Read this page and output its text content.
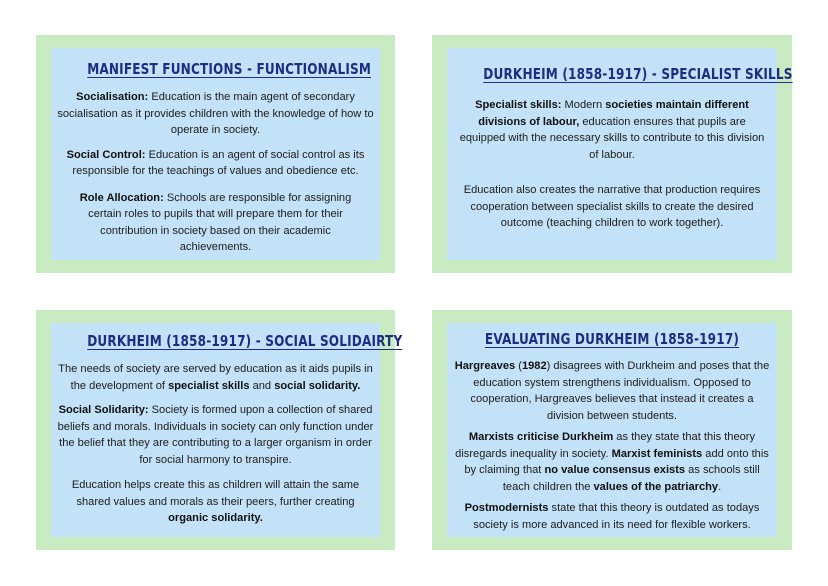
MANIFEST FUNCTIONS - FUNCTIONALISM

Socialisation: Education is the main agent of secondary socialisation as it provides children with the knowledge of how to operate in society.

Social Control: Education is an agent of social control as its responsible for the teachings of values and obedience etc.

Role Allocation: Schools are responsible for assigning certain roles to pupils that will prepare them for their contribution in society based on their academic achievements.

DURKHEIM (1858-1917) - SPECIALIST SKILLS

Specialist skills: Modern societies maintain different divisions of labour, education ensures that pupils are equipped with the necessary skills to contribute to this division of labour.

Education also creates the narrative that production requires cooperation between specialist skills to create the desired outcome (teaching children to work together).

DURKHEIM (1858-1917) - SOCIAL SOLIDAIRTY

The needs of society are served by education as it aids pupils in the development of specialist skills and social solidarity.

Social Solidarity: Society is formed upon a collection of shared beliefs and morals. Individuals in society can only function under the belief that they are contributing to a larger organism in order for social harmony to transpire.

Education helps create this as children will attain the same shared values and morals as their peers, further creating organic solidarity.

EVALUATING DURKHEIM (1858-1917)

Hargreaves (1982) disagrees with Durkheim and poses that the education system strengthens individualism. Opposed to cooperation, Hargreaves believes that instead it creates a division between students.

Marxists criticise Durkheim as they state that this theory disregards inequality in society. Marxist feminists add onto this by claiming that no value consensus exists as schools still teach children the values of the patriarchy.

Postmodernists state that this theory is outdated as todays society is more advanced in its need for flexible workers.
